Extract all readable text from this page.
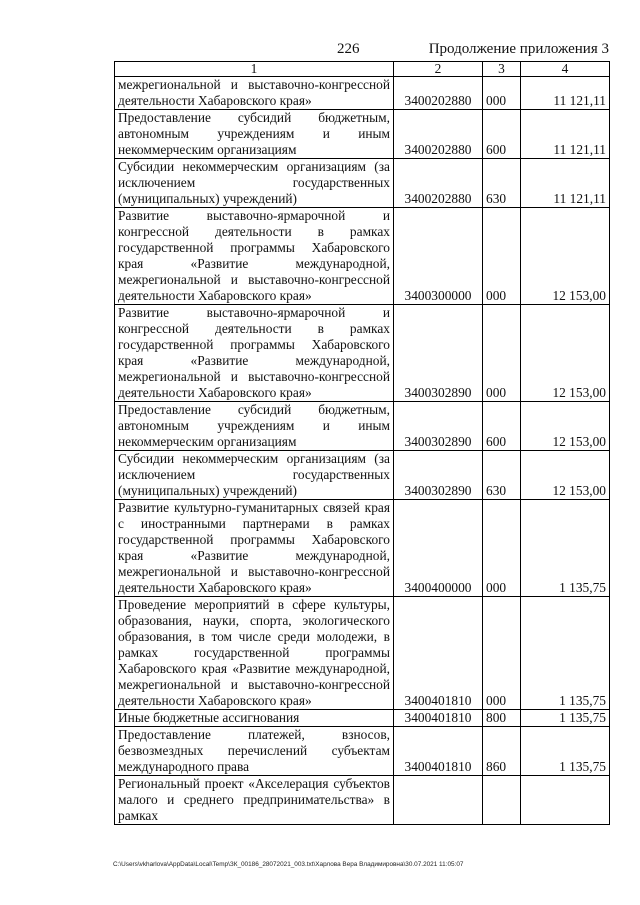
226	Продолжение приложения 3
1	2	3	4
межрегиональной и выставочно-конгрессной деятельности Хабаровского края»	3400202880	000	11 121,11
Предоставление субсидий бюджетным, автономным учреждениям и иным некоммерческим организациям	3400202880	600	11 121,11
Субсидии некоммерческим организациям (за исключением государственных (муниципальных) учреждений)	3400202880	630	11 121,11
Развитие выставочно-ярмарочной и конгрессной деятельности в рамках государственной программы Хабаровского края «Развитие международной, межрегиональной и выставочно-конгрессной деятельности Хабаровского края»	3400300000	000	12 153,00
Развитие выставочно-ярмарочной и конгрессной деятельности в рамках государственной программы Хабаровского края «Развитие международной, межрегиональной и выставочно-конгрессной деятельности Хабаровского края»	3400302890	000	12 153,00
Предоставление субсидий бюджетным, автономным учреждениям и иным некоммерческим организациям	3400302890	600	12 153,00
Субсидии некоммерческим организациям (за исключением государственных (муниципальных) учреждений)	3400302890	630	12 153,00
Развитие культурно-гуманитарных связей края с иностранными партнерами в рамках государственной программы Хабаровского края «Развитие международной, межрегиональной и выставочно-конгрессной деятельности Хабаровского края»	3400400000	000	1 135,75
Проведение мероприятий в сфере культуры, образования, науки, спорта, экологического образования, в том числе среди молодежи, в рамках государственной программы Хабаровского края «Развитие международной, межрегиональной и выставочно-конгрессной деятельности Хабаровского края»	3400401810	000	1 135,75
Иные бюджетные ассигнования	3400401810	800	1 135,75
Предоставление платежей, взносов, безвозмездных перечислений субъектам международного права	3400401810	860	1 135,75
Региональный проект «Акселерация субъектов малого и среднего предпринимательства» в рамках			
C:\Users\vkharlova\AppData\Local\Temp\ЗК_00186_28072021_003.txt\Харлова Вера Владимировна\30.07.2021 11:05:07
